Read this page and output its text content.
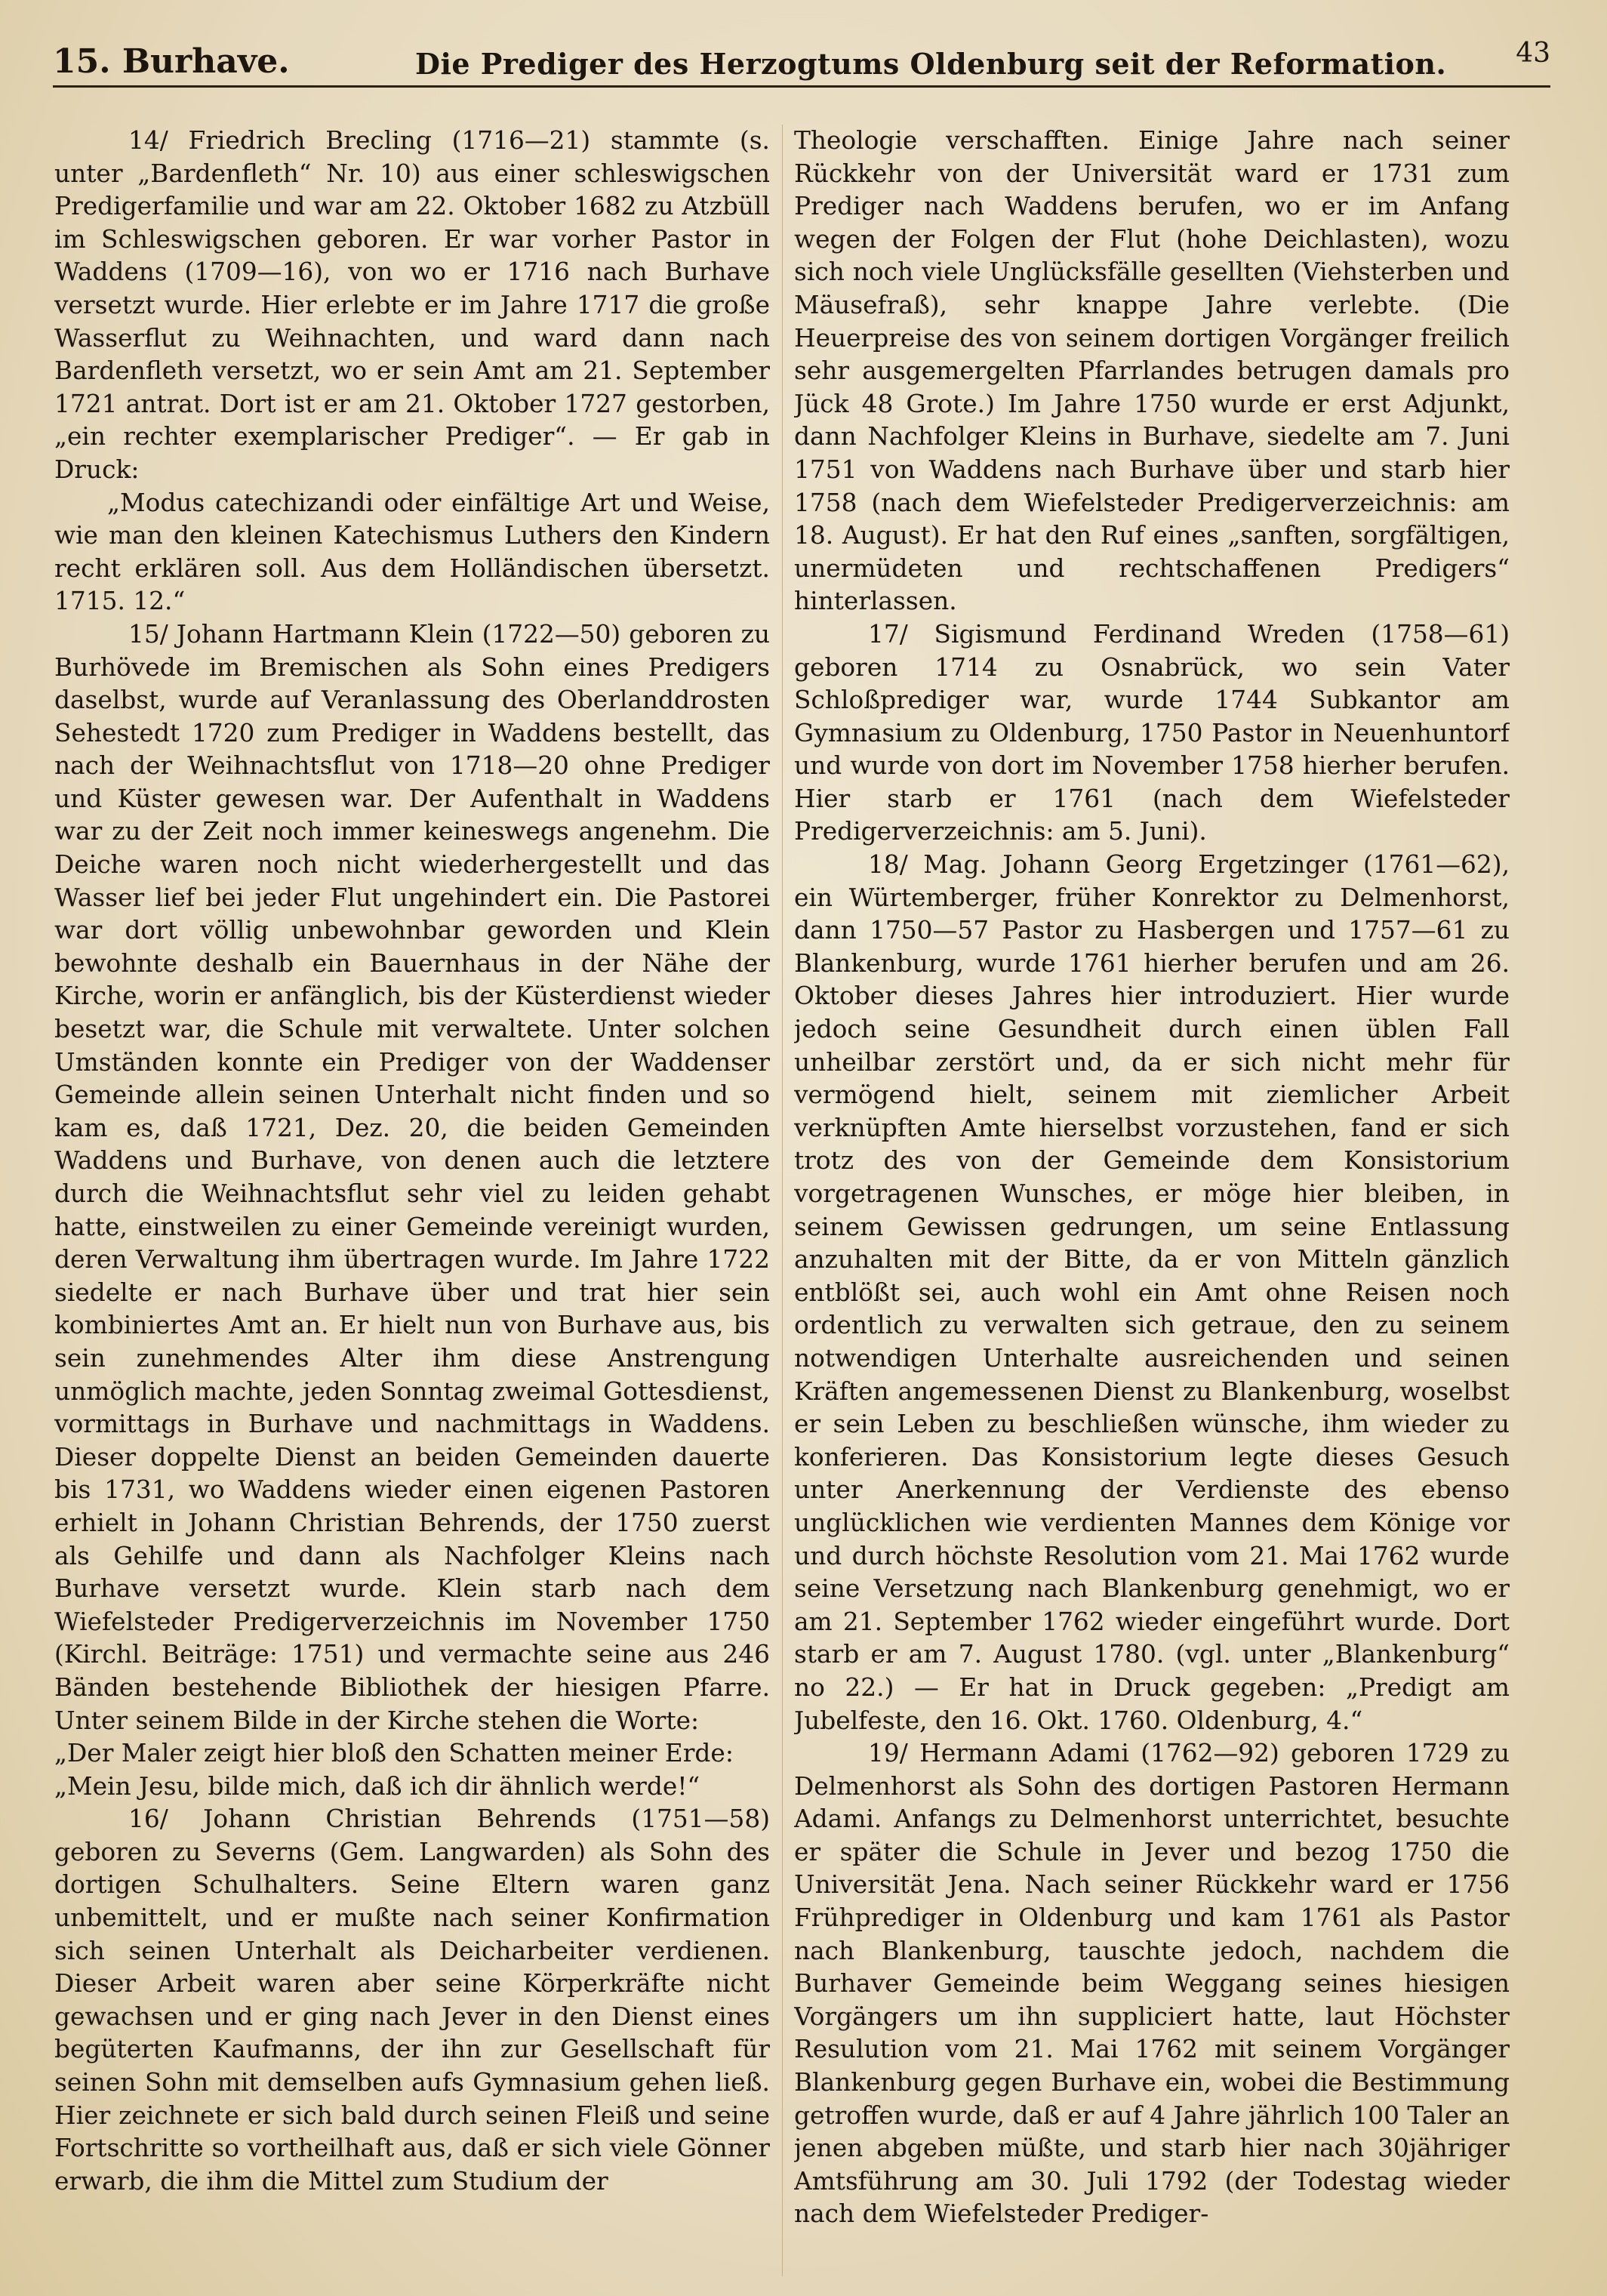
15. Burhave.	Die Prediger des Herzogtums Oldenburg seit der Reformation.	43

14/ Friedrich Brecling (1716—21) stammte (s. unter „Bardenfleth“ Nr. 10) aus einer schleswigschen Predigerfamilie und war am 22. Oktober 1682 zu Atzbüll im Schleswigschen geboren. Er war vorher Pastor in Waddens (1709—16), von wo er 1716 nach Burhave versetzt wurde. Hier erlebte er im Jahre 1717 die große Wasserflut zu Weihnachten, und ward dann nach Bardenfleth versetzt, wo er sein Amt am 21. September 1721 antrat. Dort ist er am 21. Oktober 1727 gestorben, „ein rechter exemplarischer Prediger“. — Er gab in Druck:

„Modus catechizandi oder einfältige Art und Weise, wie man den kleinen Katechismus Luthers den Kindern recht erklären soll. Aus dem Holländischen übersetzt. 1715. 12.“

15/ Johann Hartmann Klein (1722—50) geboren zu Burhövede im Bremischen als Sohn eines Predigers daselbst, wurde auf Veranlassung des Oberlanddrosten Sehestedt 1720 zum Prediger in Waddens bestellt, das nach der Weihnachtsflut von 1718—20 ohne Prediger und Küster gewesen war. Der Aufenthalt in Waddens war zu der Zeit noch immer keineswegs angenehm. Die Deiche waren noch nicht wiederhergestellt und das Wasser lief bei jeder Flut ungehindert ein. Die Pastorei war dort völlig unbewohnbar geworden und Klein bewohnte deshalb ein Bauernhaus in der Nähe der Kirche, worin er anfänglich, bis der Küsterdienst wieder besetzt war, die Schule mit verwaltete. Unter solchen Umständen konnte ein Prediger von der Waddenser Gemeinde allein seinen Unterhalt nicht finden und so kam es, daß 1721, Dez. 20, die beiden Gemeinden Waddens und Burhave, von denen auch die letztere durch die Weihnachtsflut sehr viel zu leiden gehabt hatte, einstweilen zu einer Gemeinde vereinigt wurden, deren Verwaltung ihm übertragen wurde. Im Jahre 1722 siedelte er nach Burhave über und trat hier sein kombiniertes Amt an. Er hielt nun von Burhave aus, bis sein zunehmendes Alter ihm diese Anstrengung unmöglich machte, jeden Sonntag zweimal Gottesdienst, vormittags in Burhave und nachmittags in Waddens. Dieser doppelte Dienst an beiden Gemeinden dauerte bis 1731, wo Waddens wieder einen eigenen Pastoren erhielt in Johann Christian Behrends, der 1750 zuerst als Gehilfe und dann als Nachfolger Kleins nach Burhave versetzt wurde. Klein starb nach dem Wiefelsteder Predigerverzeichnis im November 1750 (Kirchl. Beiträge: 1751) und vermachte seine aus 246 Bänden bestehende Bibliothek der hiesigen Pfarre. Unter seinem Bilde in der Kirche stehen die Worte:

„Der Maler zeigt hier bloß den Schatten meiner Erde:

„Mein Jesu, bilde mich, daß ich dir ähnlich werde!“

16/ Johann Christian Behrends (1751—58) geboren zu Severns (Gem. Langwarden) als Sohn des dortigen Schulhalters. Seine Eltern waren ganz unbemittelt, und er mußte nach seiner Konfirmation sich seinen Unterhalt als Deicharbeiter verdienen. Dieser Arbeit waren aber seine Körperkräfte nicht gewachsen und er ging nach Jever in den Dienst eines begüterten Kaufmanns, der ihn zur Gesellschaft für seinen Sohn mit demselben aufs Gymnasium gehen ließ. Hier zeichnete er sich bald durch seinen Fleiß und seine Fortschritte so vortheilhaft aus, daß er sich viele Gönner erwarb, die ihm die Mittel zum Studium der

Theologie verschafften. Einige Jahre nach seiner Rückkehr von der Universität ward er 1731 zum Prediger nach Waddens berufen, wo er im Anfang wegen der Folgen der Flut (hohe Deichlasten), wozu sich noch viele Unglücksfälle gesellten (Viehsterben und Mäusefraß), sehr knappe Jahre verlebte. (Die Heuerpreise des von seinem dortigen Vorgänger freilich sehr ausgemergelten Pfarrlandes betrugen damals pro Jück 48 Grote.) Im Jahre 1750 wurde er erst Adjunkt, dann Nachfolger Kleins in Burhave, siedelte am 7. Juni 1751 von Waddens nach Burhave über und starb hier 1758 (nach dem Wiefelsteder Predigerverzeichnis: am 18. August). Er hat den Ruf eines „sanften, sorgfältigen, unermüdeten und rechtschaffenen Predigers“ hinterlassen.

17/ Sigismund Ferdinand Wreden (1758—61) geboren 1714 zu Osnabrück, wo sein Vater Schloßprediger war, wurde 1744 Subkantor am Gymnasium zu Oldenburg, 1750 Pastor in Neuenhuntorf und wurde von dort im November 1758 hierher berufen. Hier starb er 1761 (nach dem Wiefelsteder Predigerverzeichnis: am 5. Juni).

18/ Mag. Johann Georg Ergetzinger (1761—62), ein Würtemberger, früher Konrektor zu Delmenhorst, dann 1750—57 Pastor zu Hasbergen und 1757—61 zu Blankenburg, wurde 1761 hierher berufen und am 26. Oktober dieses Jahres hier introduziert. Hier wurde jedoch seine Gesundheit durch einen üblen Fall unheilbar zerstört und, da er sich nicht mehr für vermögend hielt, seinem mit ziemlicher Arbeit verknüpften Amte hierselbst vorzustehen, fand er sich trotz des von der Gemeinde dem Konsistorium vorgetragenen Wunsches, er möge hier bleiben, in seinem Gewissen gedrungen, um seine Entlassung anzuhalten mit der Bitte, da er von Mitteln gänzlich entblößt sei, auch wohl ein Amt ohne Reisen noch ordentlich zu verwalten sich getraue, den zu seinem notwendigen Unterhalte ausreichenden und seinen Kräften angemessenen Dienst zu Blankenburg, woselbst er sein Leben zu beschließen wünsche, ihm wieder zu konferieren. Das Konsistorium legte dieses Gesuch unter Anerkennung der Verdienste des ebenso unglücklichen wie verdienten Mannes dem Könige vor und durch höchste Resolution vom 21. Mai 1762 wurde seine Versetzung nach Blankenburg genehmigt, wo er am 21. September 1762 wieder eingeführt wurde. Dort starb er am 7. August 1780. (vgl. unter „Blankenburg“ no 22.) — Er hat in Druck gegeben: „Predigt am Jubelfeste, den 16. Okt. 1760. Oldenburg, 4.“

19/ Hermann Adami (1762—92) geboren 1729 zu Delmenhorst als Sohn des dortigen Pastoren Hermann Adami. Anfangs zu Delmenhorst unterrichtet, besuchte er später die Schule in Jever und bezog 1750 die Universität Jena. Nach seiner Rückkehr ward er 1756 Frühprediger in Oldenburg und kam 1761 als Pastor nach Blankenburg, tauschte jedoch, nachdem die Burhaver Gemeinde beim Weggang seines hiesigen Vorgängers um ihn suppliciert hatte, laut Höchster Resulution vom 21. Mai 1762 mit seinem Vorgänger Blankenburg gegen Burhave ein, wobei die Bestimmung getroffen wurde, daß er auf 4 Jahre jährlich 100 Taler an jenen abgeben müßte, und starb hier nach 30jähriger Amtsführung am 30. Juli 1792 (der Todestag wieder nach dem Wiefelsteder Prediger-
